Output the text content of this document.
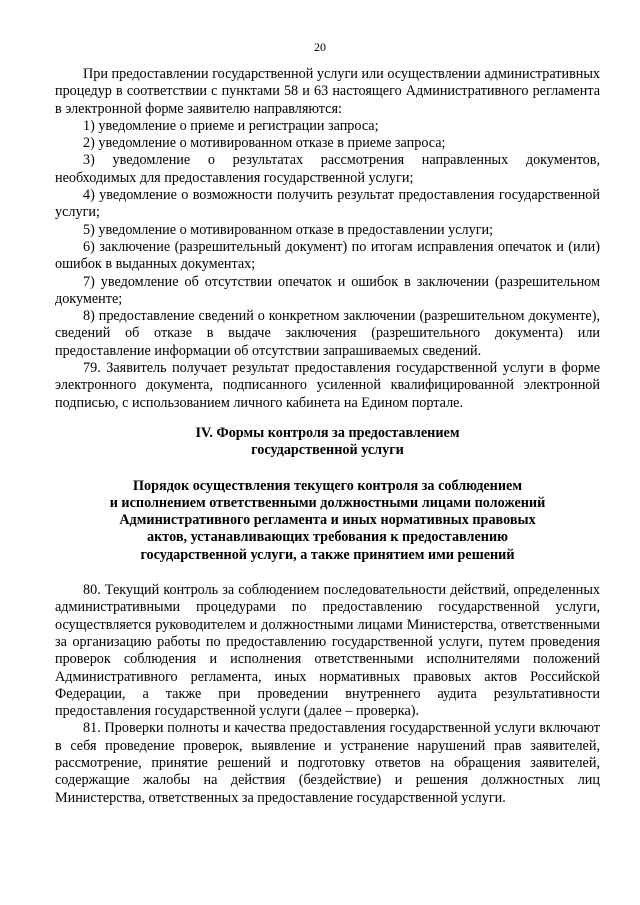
20

При предоставлении государственной услуги или осуществлении административных процедур в соответствии с пунктами 58 и 63 настоящего Административного регламента в электронной форме заявителю направляются:

1) уведомление о приеме и регистрации запроса;

2) уведомление о мотивированном отказе в приеме запроса;

3) уведомление о результатах рассмотрения направленных документов, необходимых для предоставления государственной услуги;

4) уведомление о возможности получить результат предоставления государственной услуги;

5) уведомление о мотивированном отказе в предоставлении услуги;

6) заключение (разрешительный документ) по итогам исправления опечаток и (или) ошибок в выданных документах;

7) уведомление об отсутствии опечаток и ошибок в заключении (разрешительном документе;

8) предоставление сведений о конкретном заключении (разрешительном документе), сведений об отказе в выдаче заключения (разрешительного документа) или предоставление информации об отсутствии запрашиваемых сведений.

79. Заявитель получает результат предоставления государственной услуги в форме электронного документа, подписанного усиленной квалифицированной электронной подписью, с использованием личного кабинета на Едином портале.

IV. Формы контроля за предоставлением
государственной услуги
Порядок осуществления текущего контроля за соблюдением
и исполнением ответственными должностными лицами положений
Административного регламента и иных нормативных правовых
актов, устанавливающих требования к предоставлению
государственной услуги, а также принятием ими решений

80. Текущий контроль за соблюдением последовательности действий, определенных административными процедурами по предоставлению государственной услуги, осуществляется руководителем и должностными лицами Министерства, ответственными за организацию работы по предоставлению государственной услуги, путем проведения проверок соблюдения и исполнения ответственными исполнителями положений Административного регламента, иных нормативных правовых актов Российской Федерации, а также при проведении внутреннего аудита результативности предоставления государственной услуги (далее – проверка).

81. Проверки полноты и качества предоставления государственной услуги включают в себя проведение проверок, выявление и устранение нарушений прав заявителей, рассмотрение, принятие решений и подготовку ответов на обращения заявителей, содержащие жалобы на действия (бездействие) и решения должностных лиц Министерства, ответственных за предоставление государственной услуги.
